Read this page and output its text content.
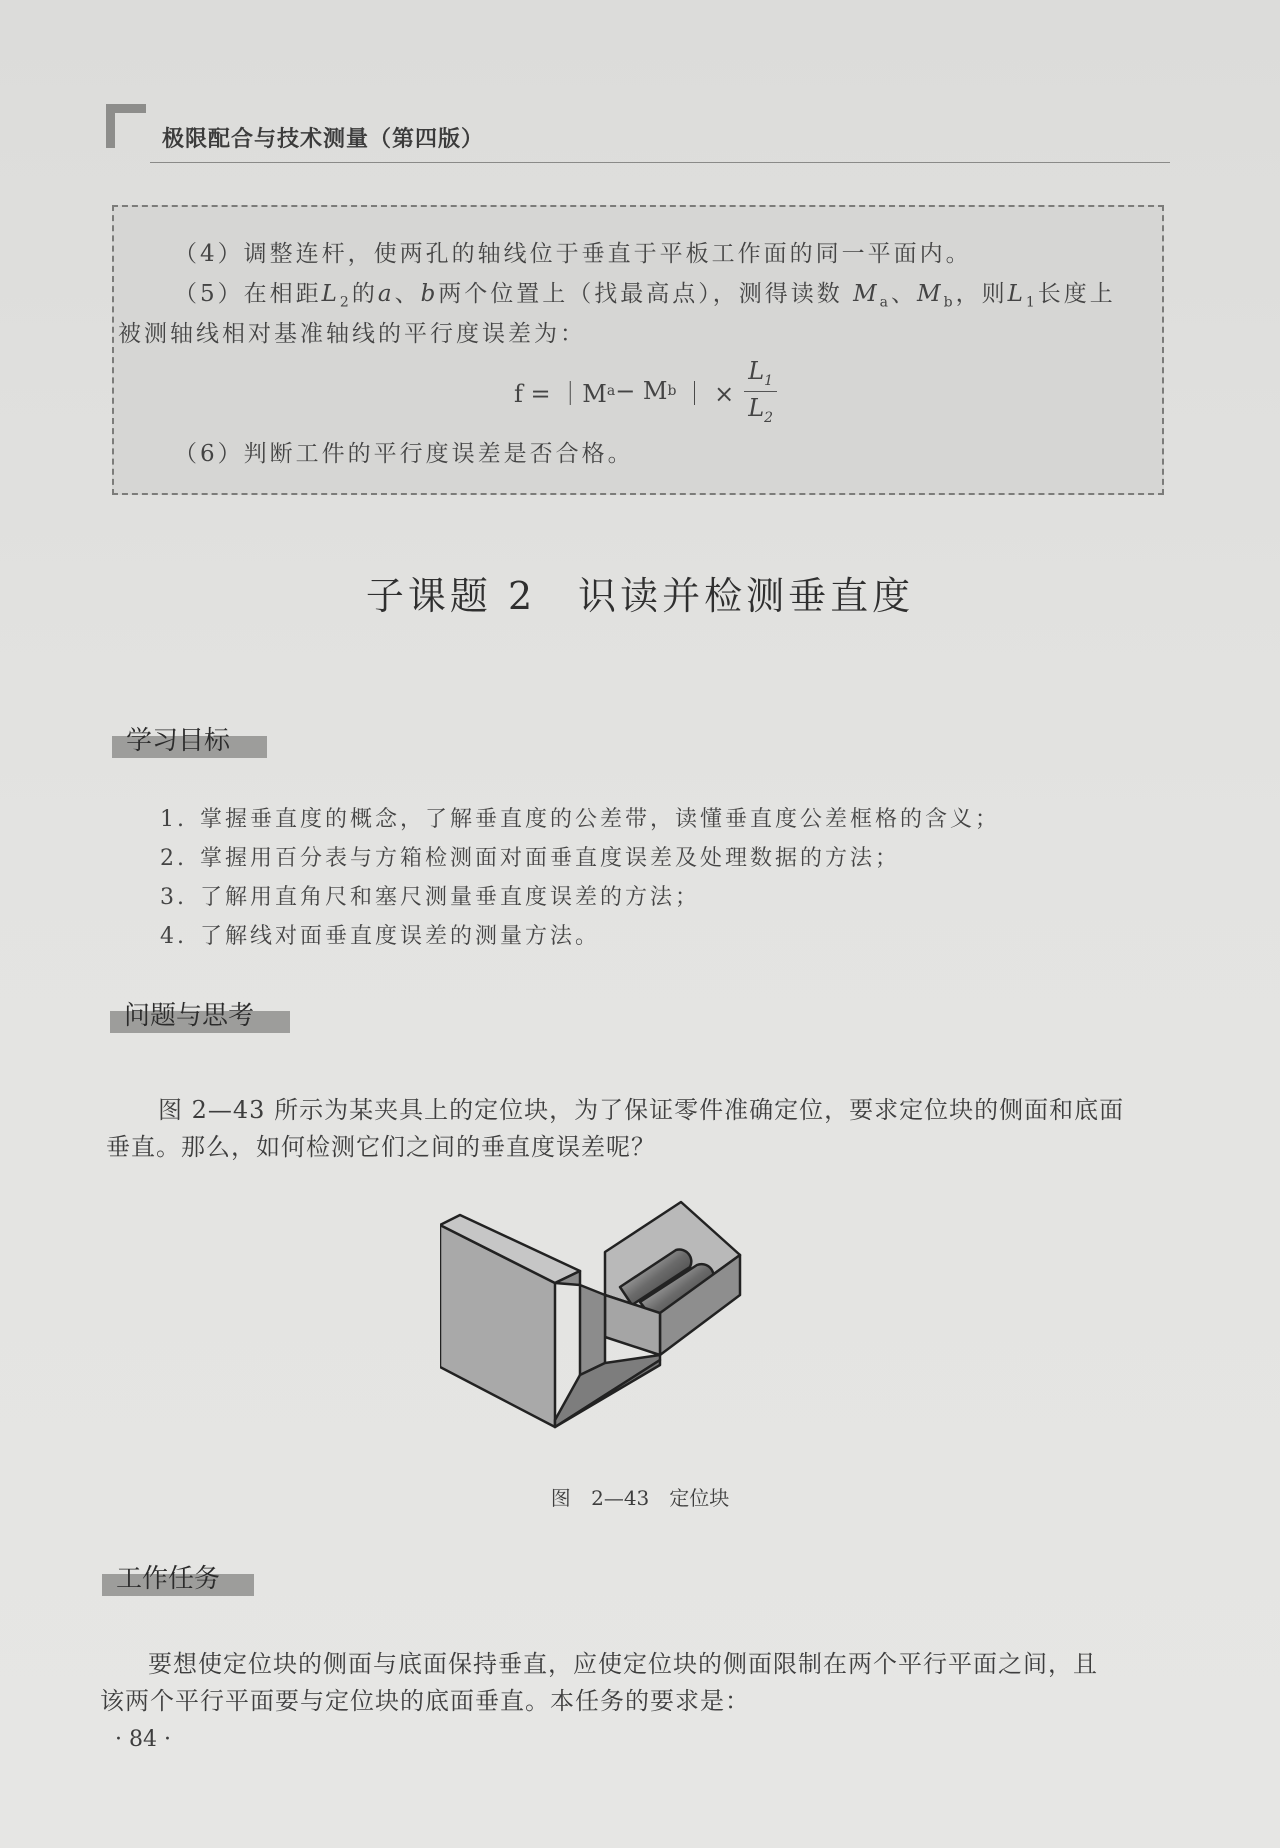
极限配合与技术测量（第四版）
（4）调整连杆，使两孔的轴线位于垂直于平板工作面的同一平面内。
（5）在相距$L_2$的a、b两个位置上（找最高点），测得读数 $M_a$、$M_b$，则$L_1$长度上
被测轴线相对基准轴线的平行度误差为：
f = ｜M a − M b ｜ × $\frac{L_1}{L_2}$
（6）判断工件的平行度误差是否合格。
子课题 2　识读并检测垂直度
学习目标
1. 掌握垂直度的概念，了解垂直度的公差带，读懂垂直度公差框格的含义；
2. 掌握用百分表与方箱检测面对面垂直度误差及处理数据的方法；
3. 了解用直角尺和塞尺测量垂直度误差的方法；
4. 了解线对面垂直度误差的测量方法。
问题与思考
图 2—43 所示为某夹具上的定位块，为了保证零件准确定位，要求定位块的侧面和底面
垂直。那么，如何检测它们之间的垂直度误差呢？
图 2—43　定位块
工作任务
要想使定位块的侧面与底面保持垂直，应使定位块的侧面限制在两个平行平面之间，且
该两个平行平面要与定位块的底面垂直。本任务的要求是：
· 84 ·
